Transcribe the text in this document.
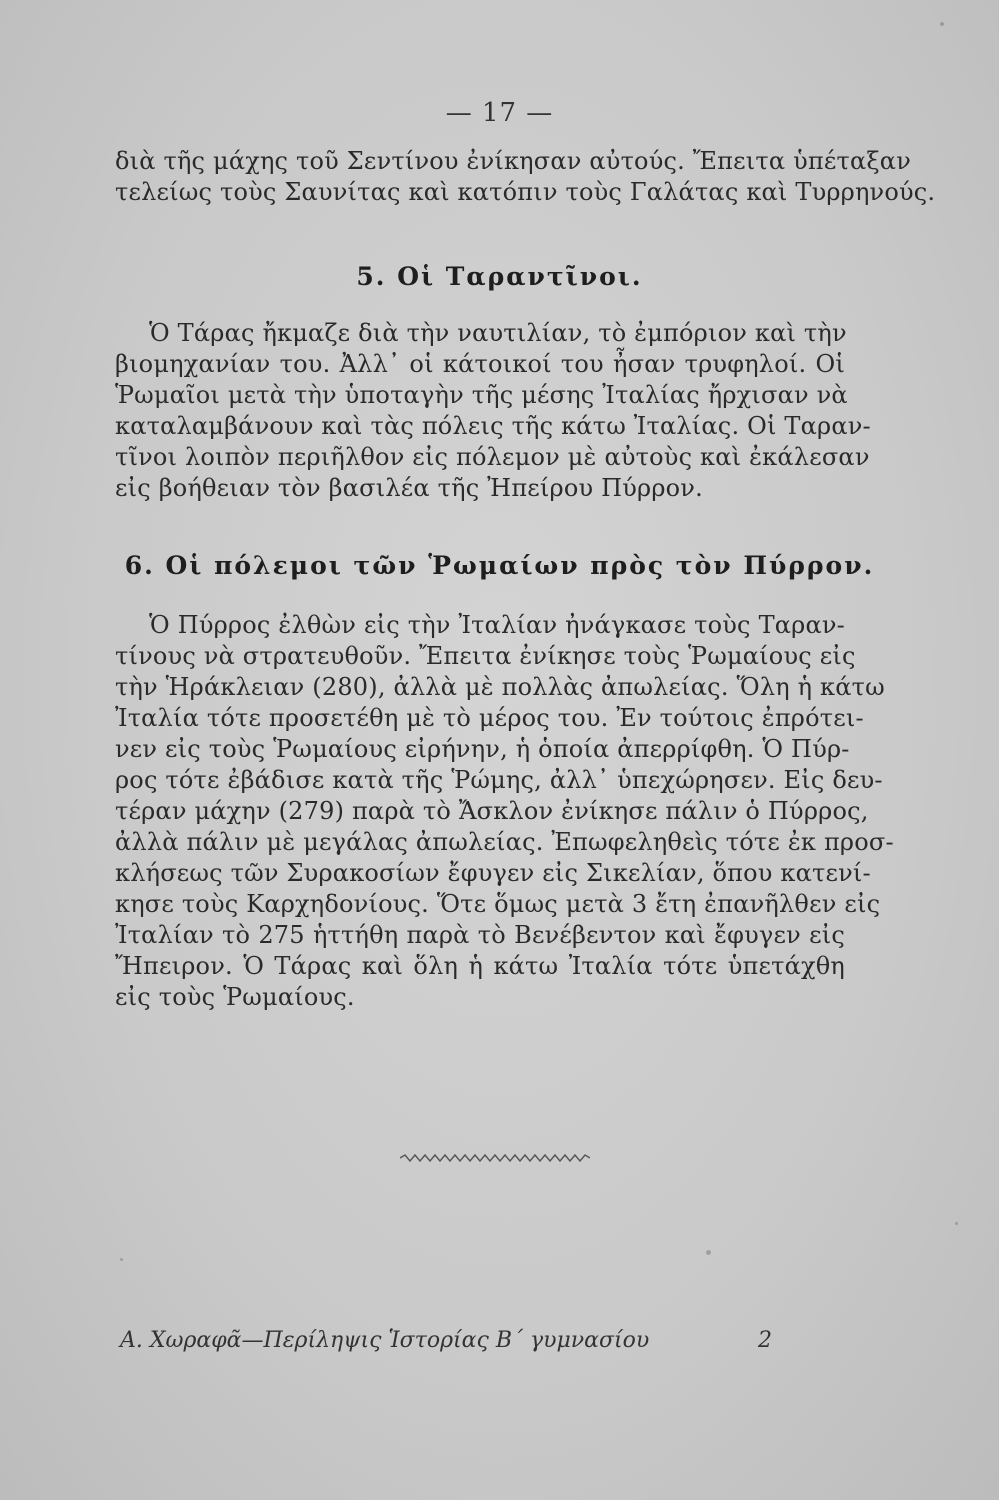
— 17 —
διὰ τῆς μάχης τοῦ Σεντίνου ἐνίκησαν αὐτούς. Ἔπειτα ὑπέταξαν
τελείως τοὺς Σαυνίτας καὶ κατόπιν τοὺς Γαλάτας καὶ Τυρρηνούς.
5. Οἱ Ταραντῖνοι.
Ὁ Τάρας ἤκμαζε διὰ τὴν ναυτιλίαν, τὸ ἐμπόριον καὶ τὴν
βιομηχανίαν του. Ἀλλ᾽ οἱ κάτοικοί του ἦσαν τρυφηλοί. Οἱ
Ῥωμαῖοι μετὰ τὴν ὑποταγὴν τῆς μέσης Ἰταλίας ἤρχισαν νὰ
καταλαμβάνουν καὶ τὰς πόλεις τῆς κάτω Ἰταλίας. Οἱ Ταραν-
τῖνοι λοιπὸν περιῆλθον εἰς πόλεμον μὲ αὐτοὺς καὶ ἐκάλεσαν
εἰς βοήθειαν τὸν βασιλέα τῆς Ἠπείρου Πύρρον.
6. Οἱ πόλεμοι τῶν Ῥωμαίων πρὸς τὸν Πύρρον.
Ὁ Πύρρος ἐλθὼν εἰς τὴν Ἰταλίαν ἠνάγκασε τοὺς Ταραν-
τίνους νὰ στρατευθοῦν. Ἔπειτα ἐνίκησε τοὺς Ῥωμαίους εἰς
τὴν Ἡράκλειαν (280), ἀλλὰ μὲ πολλὰς ἀπωλείας. Ὅλη ἡ κάτω
Ἰταλία τότε προσετέθη μὲ τὸ μέρος του. Ἐν τούτοις ἐπρότει-
νεν εἰς τοὺς Ῥωμαίους εἰρήνην, ἡ ὁποία ἀπερρίφθη. Ὁ Πύρ-
ρος τότε ἐβάδισε κατὰ τῆς Ῥώμης, ἀλλ᾽ ὑπεχώρησεν. Εἰς δευ-
τέραν μάχην (279) παρὰ τὸ Ἄσκλον ἐνίκησε πάλιν ὁ Πύρρος,
ἀλλὰ πάλιν μὲ μεγάλας ἀπωλείας. Ἐπωφεληθεὶς τότε ἐκ προσ-
κλήσεως τῶν Συρακοσίων ἔφυγεν εἰς Σικελίαν, ὅπου κατενί-
κησε τοὺς Καρχηδονίους. Ὅτε ὅμως μετὰ 3 ἔτη ἐπανῆλθεν εἰς
Ἰταλίαν τὸ 275 ἡττήθη παρὰ τὸ Βενέβεντον καὶ ἔφυγεν εἰς
Ἤπειρον. Ὁ Τάρας καὶ ὅλη ἡ κάτω Ἰταλία τότε ὑπετάχθη
εἰς τοὺς Ῥωμαίους.
Α. Χωραφᾶ—Περίληψις Ἱστορίας Β΄ γυμνασίου	2
